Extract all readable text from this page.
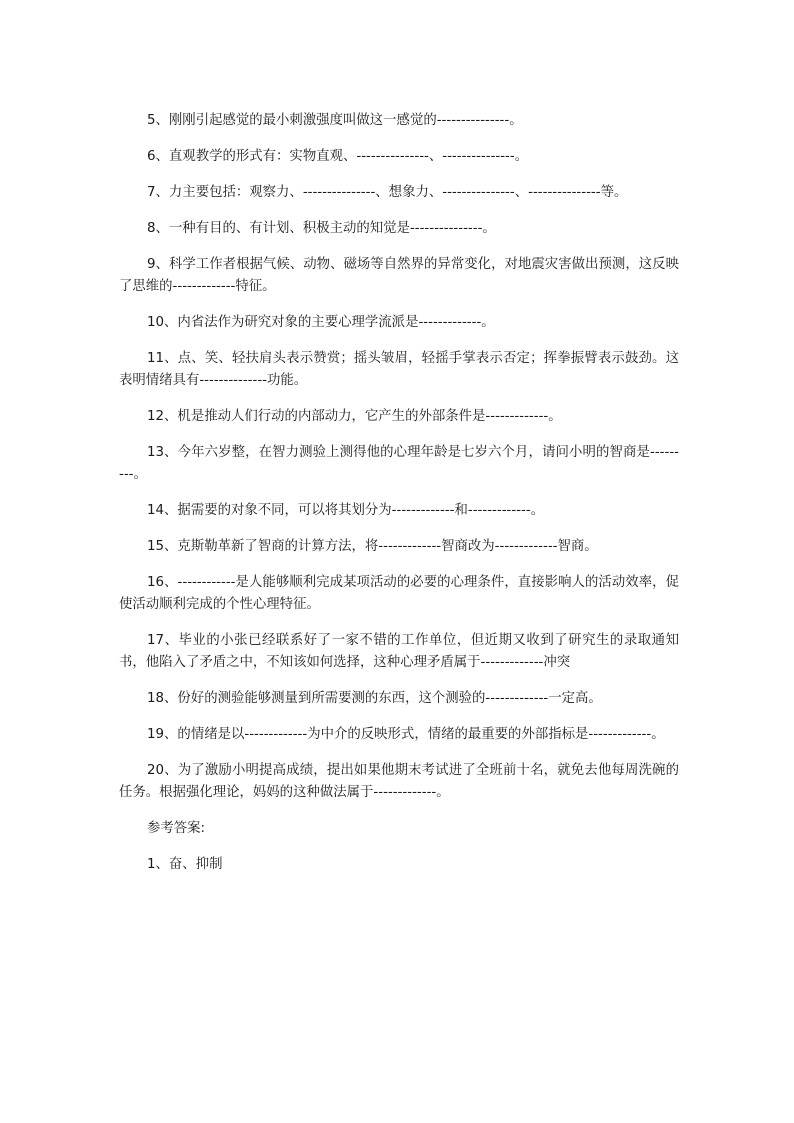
5、刚刚引起感觉的最小刺激强度叫做这一感觉的---------------。

6、直观教学的形式有：实物直观、---------------、---------------。

7、力主要包括：观察力、---------------、想象力、---------------、---------------等。

8、一种有目的、有计划、积极主动的知觉是---------------。

9、科学工作者根据气候、动物、磁场等自然界的异常变化，对地震灾害做出预测，这反映了思维的-------------特征。

10、内省法作为研究对象的主要心理学流派是-------------。

11、点、笑、轻扶肩头表示赞赏；摇头皱眉，轻摇手掌表示否定；挥拳振臂表示鼓劲。这表明情绪具有--------------功能。

12、机是推动人们行动的内部动力，它产生的外部条件是-------------。

13、今年六岁整，在智力测验上测得他的心理年龄是七岁六个月，请问小明的智商是---------。

14、据需要的对象不同，可以将其划分为-------------和-------------。

15、克斯勒革新了智商的计算方法，将-------------智商改为-------------智商。

16、------------是人能够顺利完成某项活动的必要的心理条件，直接影响人的活动效率，促使活动顺利完成的个性心理特征。

17、毕业的小张已经联系好了一家不错的工作单位，但近期又收到了研究生的录取通知书，他陷入了矛盾之中，不知该如何选择，这种心理矛盾属于-------------冲突

18、份好的测验能够测量到所需要测的东西，这个测验的-------------一定高。

19、的情绪是以-------------为中介的反映形式，情绪的最重要的外部指标是-------------。

20、为了激励小明提高成绩，提出如果他期末考试进了全班前十名，就免去他每周洗碗的任务。根据强化理论，妈妈的这种做法属于-------------。

参考答案:

1、奋、抑制
